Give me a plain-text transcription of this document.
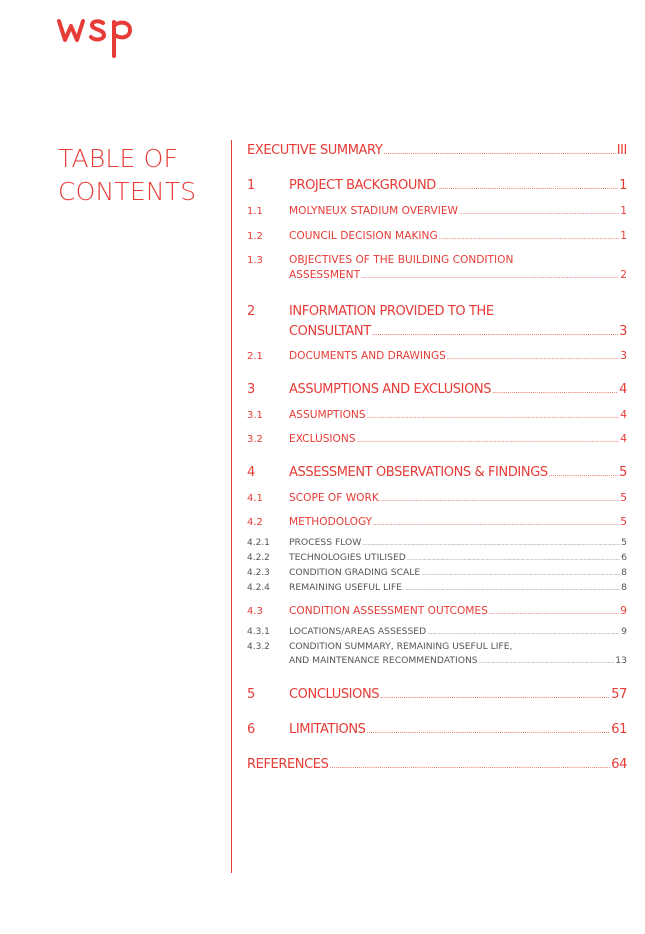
TABLE OF
CONTENTS
EXECUTIVE SUMMARY .....	III
1	PROJECT BACKGROUND .....	1
1.1	MOLYNEUX STADIUM OVERVIEW .....	1
1.2	COUNCIL DECISION MAKING .....	1
1.3	OBJECTIVES OF THE BUILDING CONDITION
ASSESSMENT .....	2
2	INFORMATION PROVIDED TO THE
CONSULTANT .....	3
2.1	DOCUMENTS AND DRAWINGS .....	3
3	ASSUMPTIONS AND EXCLUSIONS .....	4
3.1	ASSUMPTIONS .....	4
3.2	EXCLUSIONS .....	4
4	ASSESSMENT OBSERVATIONS & FINDINGS .....	5
4.1	SCOPE OF WORK .....	5
4.2	METHODOLOGY .....	5
4.2.1	PROCESS FLOW .....	5
4.2.2	TECHNOLOGIES UTILISED .....	6
4.2.3	CONDITION GRADING SCALE .....	8
4.2.4	REMAINING USEFUL LIFE .....	8
4.3	CONDITION ASSESSMENT OUTCOMES .....	9
4.3.1	LOCATIONS/AREAS ASSESSED .....	9
4.3.2	CONDITION SUMMARY, REMAINING USEFUL LIFE,
AND MAINTENANCE RECOMMENDATIONS .....	13
5	CONCLUSIONS .....	57
6	LIMITATIONS .....	61
REFERENCES .....	64
